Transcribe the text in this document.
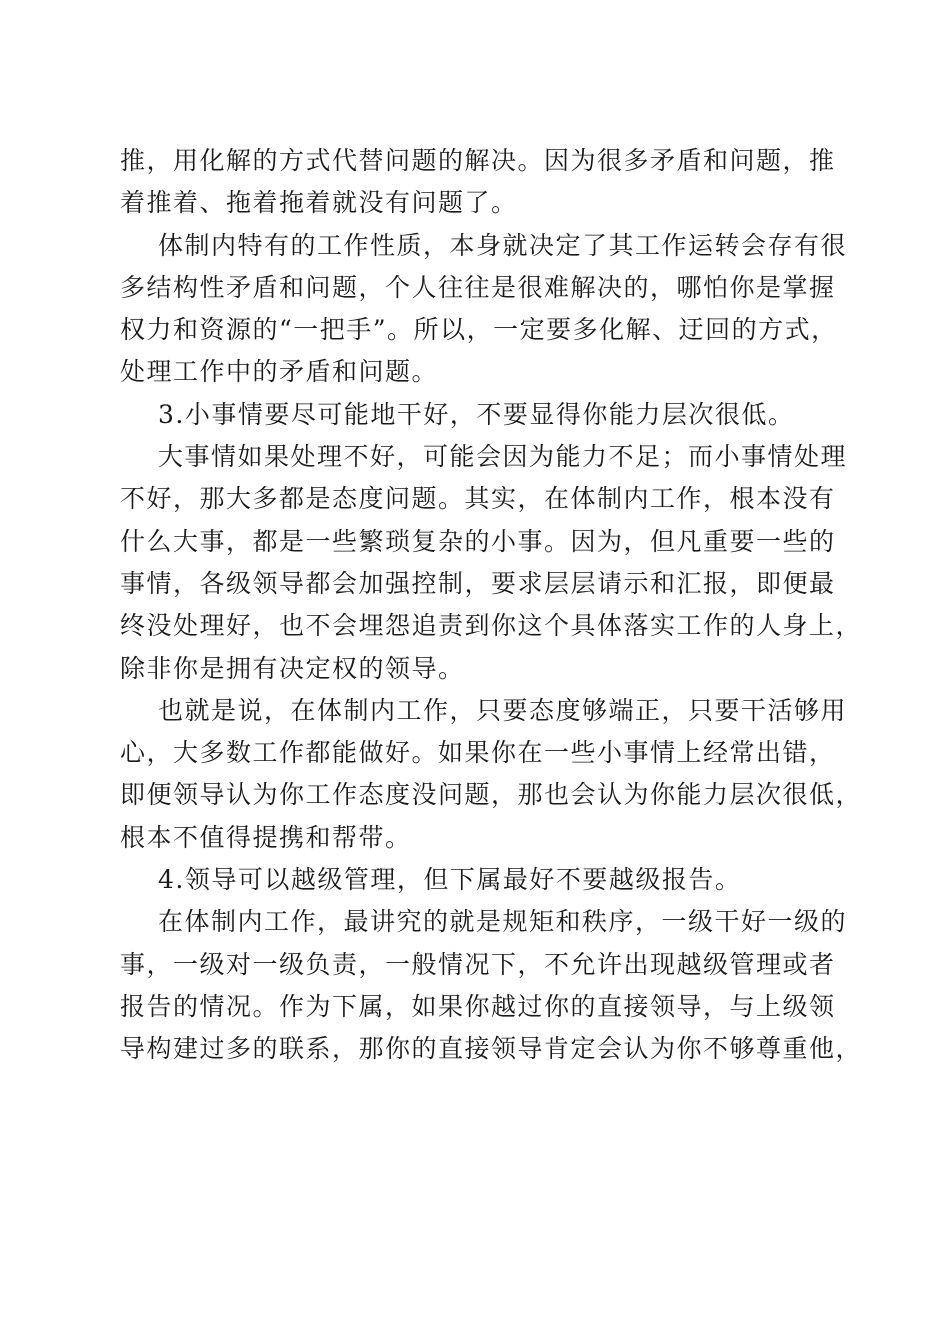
推，用化解的方式代替问题的解决。因为很多矛盾和问题，推
着推着、拖着拖着就没有问题了。
体制内特有的工作性质，本身就决定了其工作运转会存有很
多结构性矛盾和问题，个人往往是很难解决的，哪怕你是掌握
权力和资源的“一把手”。所以，一定要多化解、迂回的方式，
处理工作中的矛盾和问题。
3.小事情要尽可能地干好，不要显得你能力层次很低。
大事情如果处理不好，可能会因为能力不足；而小事情处理
不好，那大多都是态度问题。其实，在体制内工作，根本没有
什么大事，都是一些繁琐复杂的小事。因为，但凡重要一些的
事情，各级领导都会加强控制，要求层层请示和汇报，即便最
终没处理好，也不会埋怨追责到你这个具体落实工作的人身上，
除非你是拥有决定权的领导。
也就是说，在体制内工作，只要态度够端正，只要干活够用
心，大多数工作都能做好。如果你在一些小事情上经常出错，
即便领导认为你工作态度没问题，那也会认为你能力层次很低，
根本不值得提携和帮带。
4.领导可以越级管理，但下属最好不要越级报告。
在体制内工作，最讲究的就是规矩和秩序，一级干好一级的
事，一级对一级负责，一般情况下，不允许出现越级管理或者
报告的情况。作为下属，如果你越过你的直接领导，与上级领
导构建过多的联系，那你的直接领导肯定会认为你不够尊重他，
